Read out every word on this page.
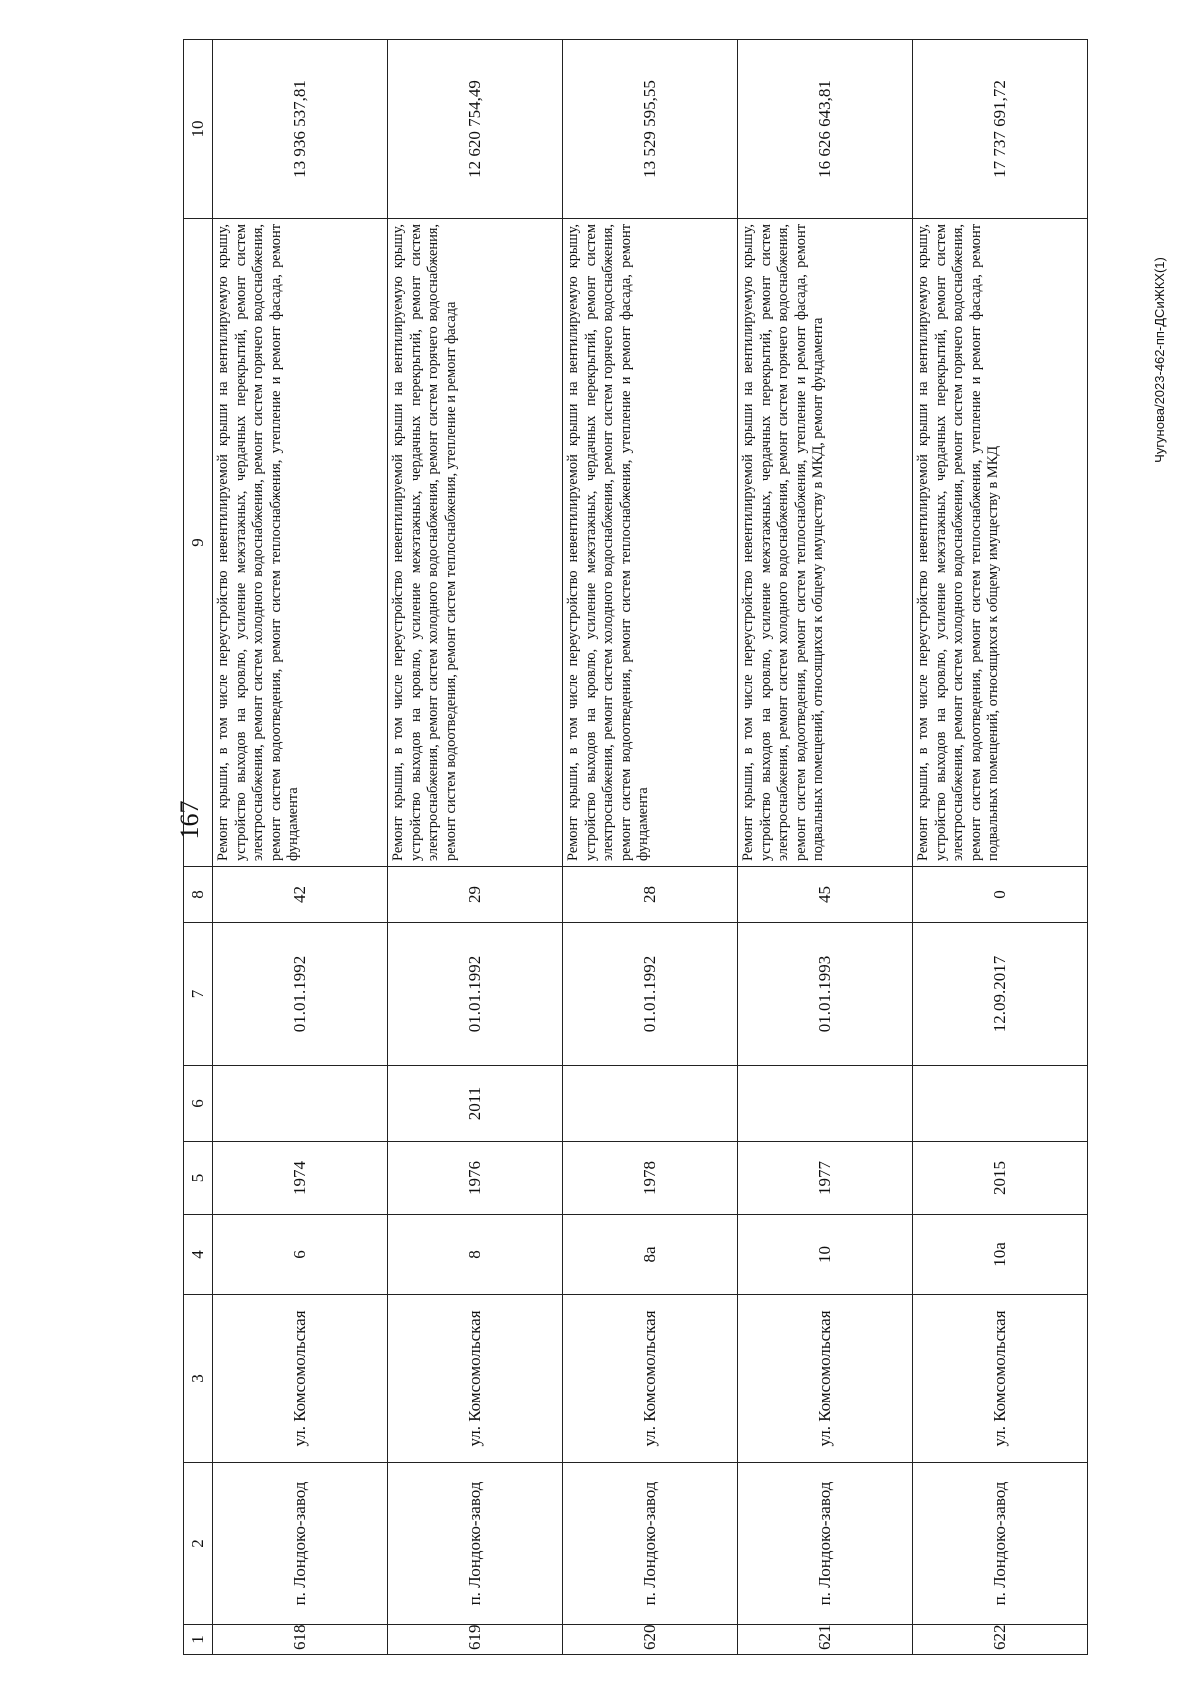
167
Чугунова/2023-462-пп-ДСиЖКХ(1)
1	2	3	4	5	6	7	8	9	10
618	п. Лондоко-завод	ул. Комсомольская	6	1974		01.01.1992	42	Ремонт крыши, в том числе переустройство невентилируемой крыши на вентилируемую крышу, устройство выходов на кровлю, усиление межэтажных, чердачных перекрытий, ремонт систем электроснабжения, ремонт систем холодного водоснабжения, ремонт систем горячего водоснабжения, ремонт систем водоотведения, ремонт систем теплоснабжения, утепление и ремонт фасада, ремонт фундамента	13 936 537,81
619	п. Лондоко-завод	ул. Комсомольская	8	1976	2011	01.01.1992	29	Ремонт крыши, в том числе переустройство невентилируемой крыши на вентилируемую крышу, устройство выходов на кровлю, усиление межэтажных, чердачных перекрытий, ремонт систем электроснабжения, ремонт систем холодного водоснабжения, ремонт систем горячего водоснабжения, ремонт систем водоотведения, ремонт систем теплоснабжения, утепление и ремонт фасада	12 620 754,49
620	п. Лондоко-завод	ул. Комсомольская	8а	1978		01.01.1992	28	Ремонт крыши, в том числе переустройство невентилируемой крыши на вентилируемую крышу, устройство выходов на кровлю, усиление межэтажных, чердачных перекрытий, ремонт систем электроснабжения, ремонт систем холодного водоснабжения, ремонт систем горячего водоснабжения, ремонт систем водоотведения, ремонт систем теплоснабжения, утепление и ремонт фасада, ремонт фундамента	13 529 595,55
621	п. Лондоко-завод	ул. Комсомольская	10	1977		01.01.1993	45	Ремонт крыши, в том числе переустройство невентилируемой крыши на вентилируемую крышу, устройство выходов на кровлю, усиление межэтажных, чердачных перекрытий, ремонт систем электроснабжения, ремонт систем холодного водоснабжения, ремонт систем горячего водоснабжения, ремонт систем водоотведения, ремонт систем теплоснабжения, утепление и ремонт фасада, ремонт подвальных помещений, относящихся к общему имуществу в МКД, ремонт фундамента	16 626 643,81
622	п. Лондоко-завод	ул. Комсомольская	10а	2015		12.09.2017	0	Ремонт крыши, в том числе переустройство невентилируемой крыши на вентилируемую крышу, устройство выходов на кровлю, усиление межэтажных, чердачных перекрытий, ремонт систем электроснабжения, ремонт систем холодного водоснабжения, ремонт систем горячего водоснабжения, ремонт систем водоотведения, ремонт систем теплоснабжения, утепление и ремонт фасада, ремонт подвальных помещений, относящихся к общему имуществу в МКД	17 737 691,72
